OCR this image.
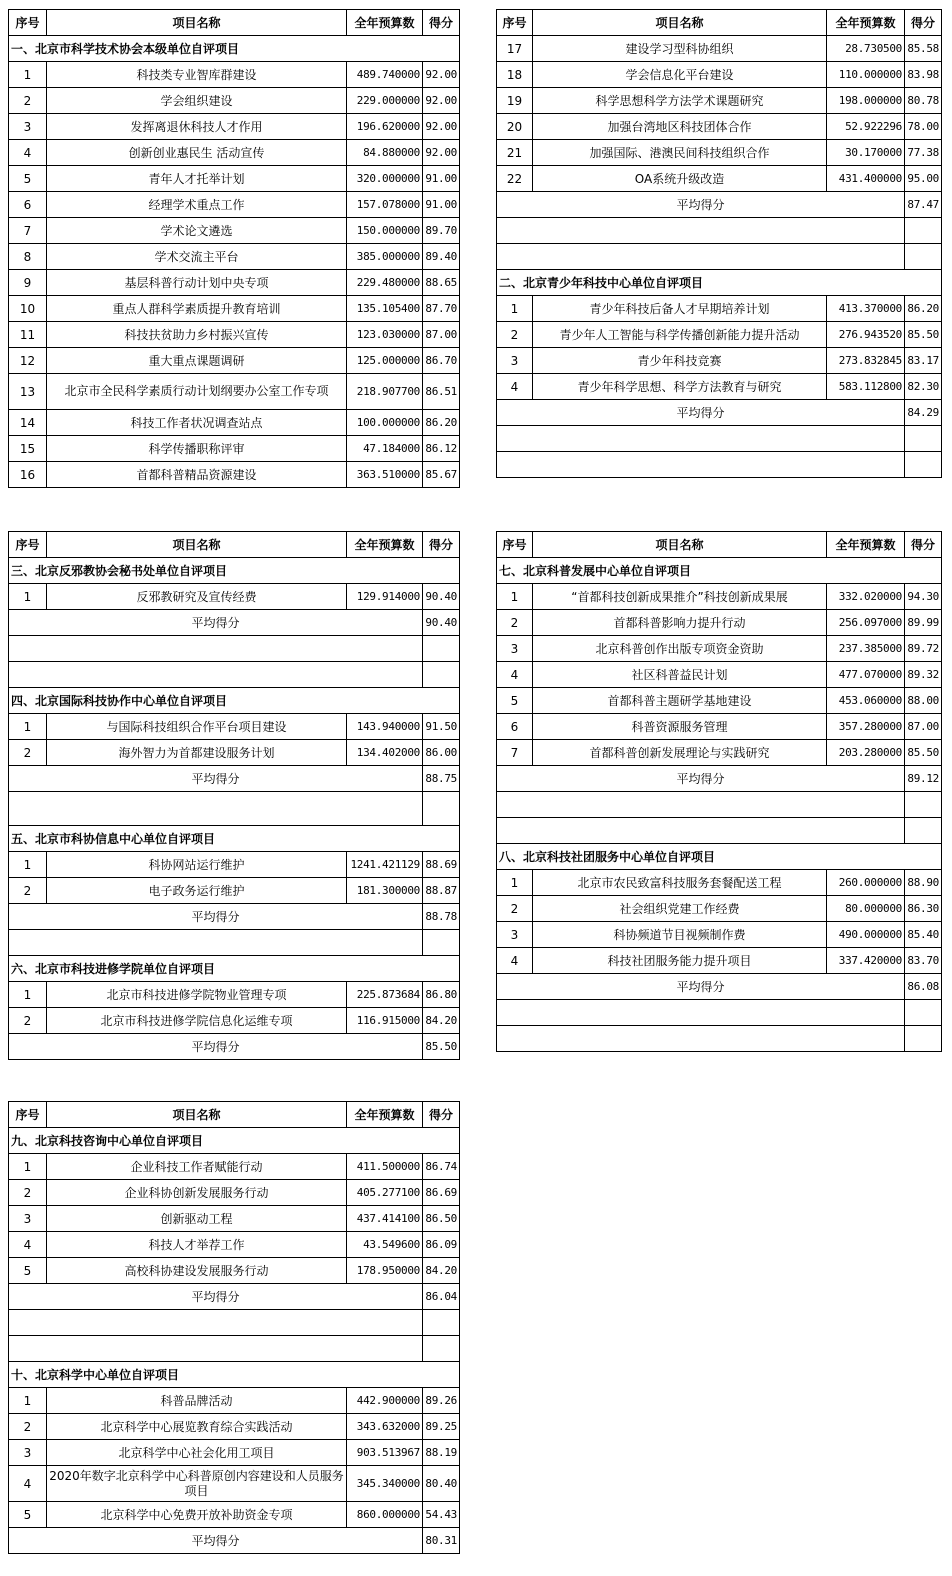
序号	项目名称	全年预算数	得分
一、北京市科学技术协会本级单位自评项目			
1	科技类专业智库群建设	489.740000	92.00
2	学会组织建设	229.000000	92.00
3	发挥离退休科技人才作用	196.620000	92.00
4	创新创业惠民生 活动宣传	84.880000	92.00
5	青年人才托举计划	320.000000	91.00
6	经理学术重点工作	157.078000	91.00
7	学术论文遴选	150.000000	89.70
8	学术交流主平台	385.000000	89.40
9	基层科普行动计划中央专项	229.480000	88.65
10	重点人群科学素质提升教育培训	135.105400	87.70
11	科技扶贫助力乡村振兴宣传	123.030000	87.00
12	重大重点课题调研	125.000000	86.70
13	北京市全民科学素质行动计划纲要办公室工作专项	218.907700	86.51
14	科技工作者状况调查站点	100.000000	86.20
15	科学传播职称评审	47.184000	86.12
16	首都科普精品资源建设	363.510000	85.67
序号	项目名称	全年预算数	得分
17	建设学习型科协组织	28.730500	85.58
18	学会信息化平台建设	110.000000	83.98
19	科学思想科学方法学术课题研究	198.000000	80.78
20	加强台湾地区科技团体合作	52.922296	78.00
21	加强国际、港澳民间科技组织合作	30.170000	77.38
22	OA系统升级改造	431.400000	95.00
平均得分			87.47

二、北京青少年科技中心单位自评项目			
1	青少年科技后备人才早期培养计划	413.370000	86.20
2	青少年人工智能与科学传播创新能力提升活动	276.943520	85.50
3	青少年科技竞赛	273.832845	83.17
4	青少年科学思想、科学方法教育与研究	583.112800	82.30
平均得分			84.29

序号	项目名称	全年预算数	得分
三、北京反邪教协会秘书处单位自评项目			
1	反邪教研究及宣传经费	129.914000	90.40
平均得分			90.40

四、北京国际科技协作中心单位自评项目			
1	与国际科技组织合作平台项目建设	143.940000	91.50
2	海外智力为首都建设服务计划	134.402000	86.00
平均得分			88.75

五、北京市科协信息中心单位自评项目			
1	科协网站运行维护	1241.421129	88.69
2	电子政务运行维护	181.300000	88.87
平均得分			88.78

六、北京市科技进修学院单位自评项目			
1	北京市科技进修学院物业管理专项	225.873684	86.80
2	北京市科技进修学院信息化运维专项	116.915000	84.20
平均得分			85.50
序号	项目名称	全年预算数	得分
七、北京科普发展中心单位自评项目			
1	“首都科技创新成果推介”科技创新成果展	332.020000	94.30
2	首都科普影响力提升行动	256.097000	89.99
3	北京科普创作出版专项资金资助	237.385000	89.72
4	社区科普益民计划	477.070000	89.32
5	首都科普主题研学基地建设	453.060000	88.00
6	科普资源服务管理	357.280000	87.00
7	首都科普创新发展理论与实践研究	203.280000	85.50
平均得分			89.12

八、北京科技社团服务中心单位自评项目			
1	北京市农民致富科技服务套餐配送工程	260.000000	88.90
2	社会组织党建工作经费	80.000000	86.30
3	科协频道节目视频制作费	490.000000	85.40
4	科技社团服务能力提升项目	337.420000	83.70
平均得分			86.08

序号	项目名称	全年预算数	得分
九、北京科技咨询中心单位自评项目			
1	企业科技工作者赋能行动	411.500000	86.74
2	企业科协创新发展服务行动	405.277100	86.69
3	创新驱动工程	437.414100	86.50
4	科技人才举荐工作	43.549600	86.09
5	高校科协建设发展服务行动	178.950000	84.20
平均得分			86.04

十、北京科学中心单位自评项目			
1	科普品牌活动	442.900000	89.26
2	北京科学中心展览教育综合实践活动	343.632000	89.25
3	北京科学中心社会化用工项目	903.513967	88.19
4	2020年数字北京科学中心科普原创内容建设和人员服务项目	345.340000	80.40
5	北京科学中心免费开放补助资金专项	860.000000	54.43
平均得分			80.31
